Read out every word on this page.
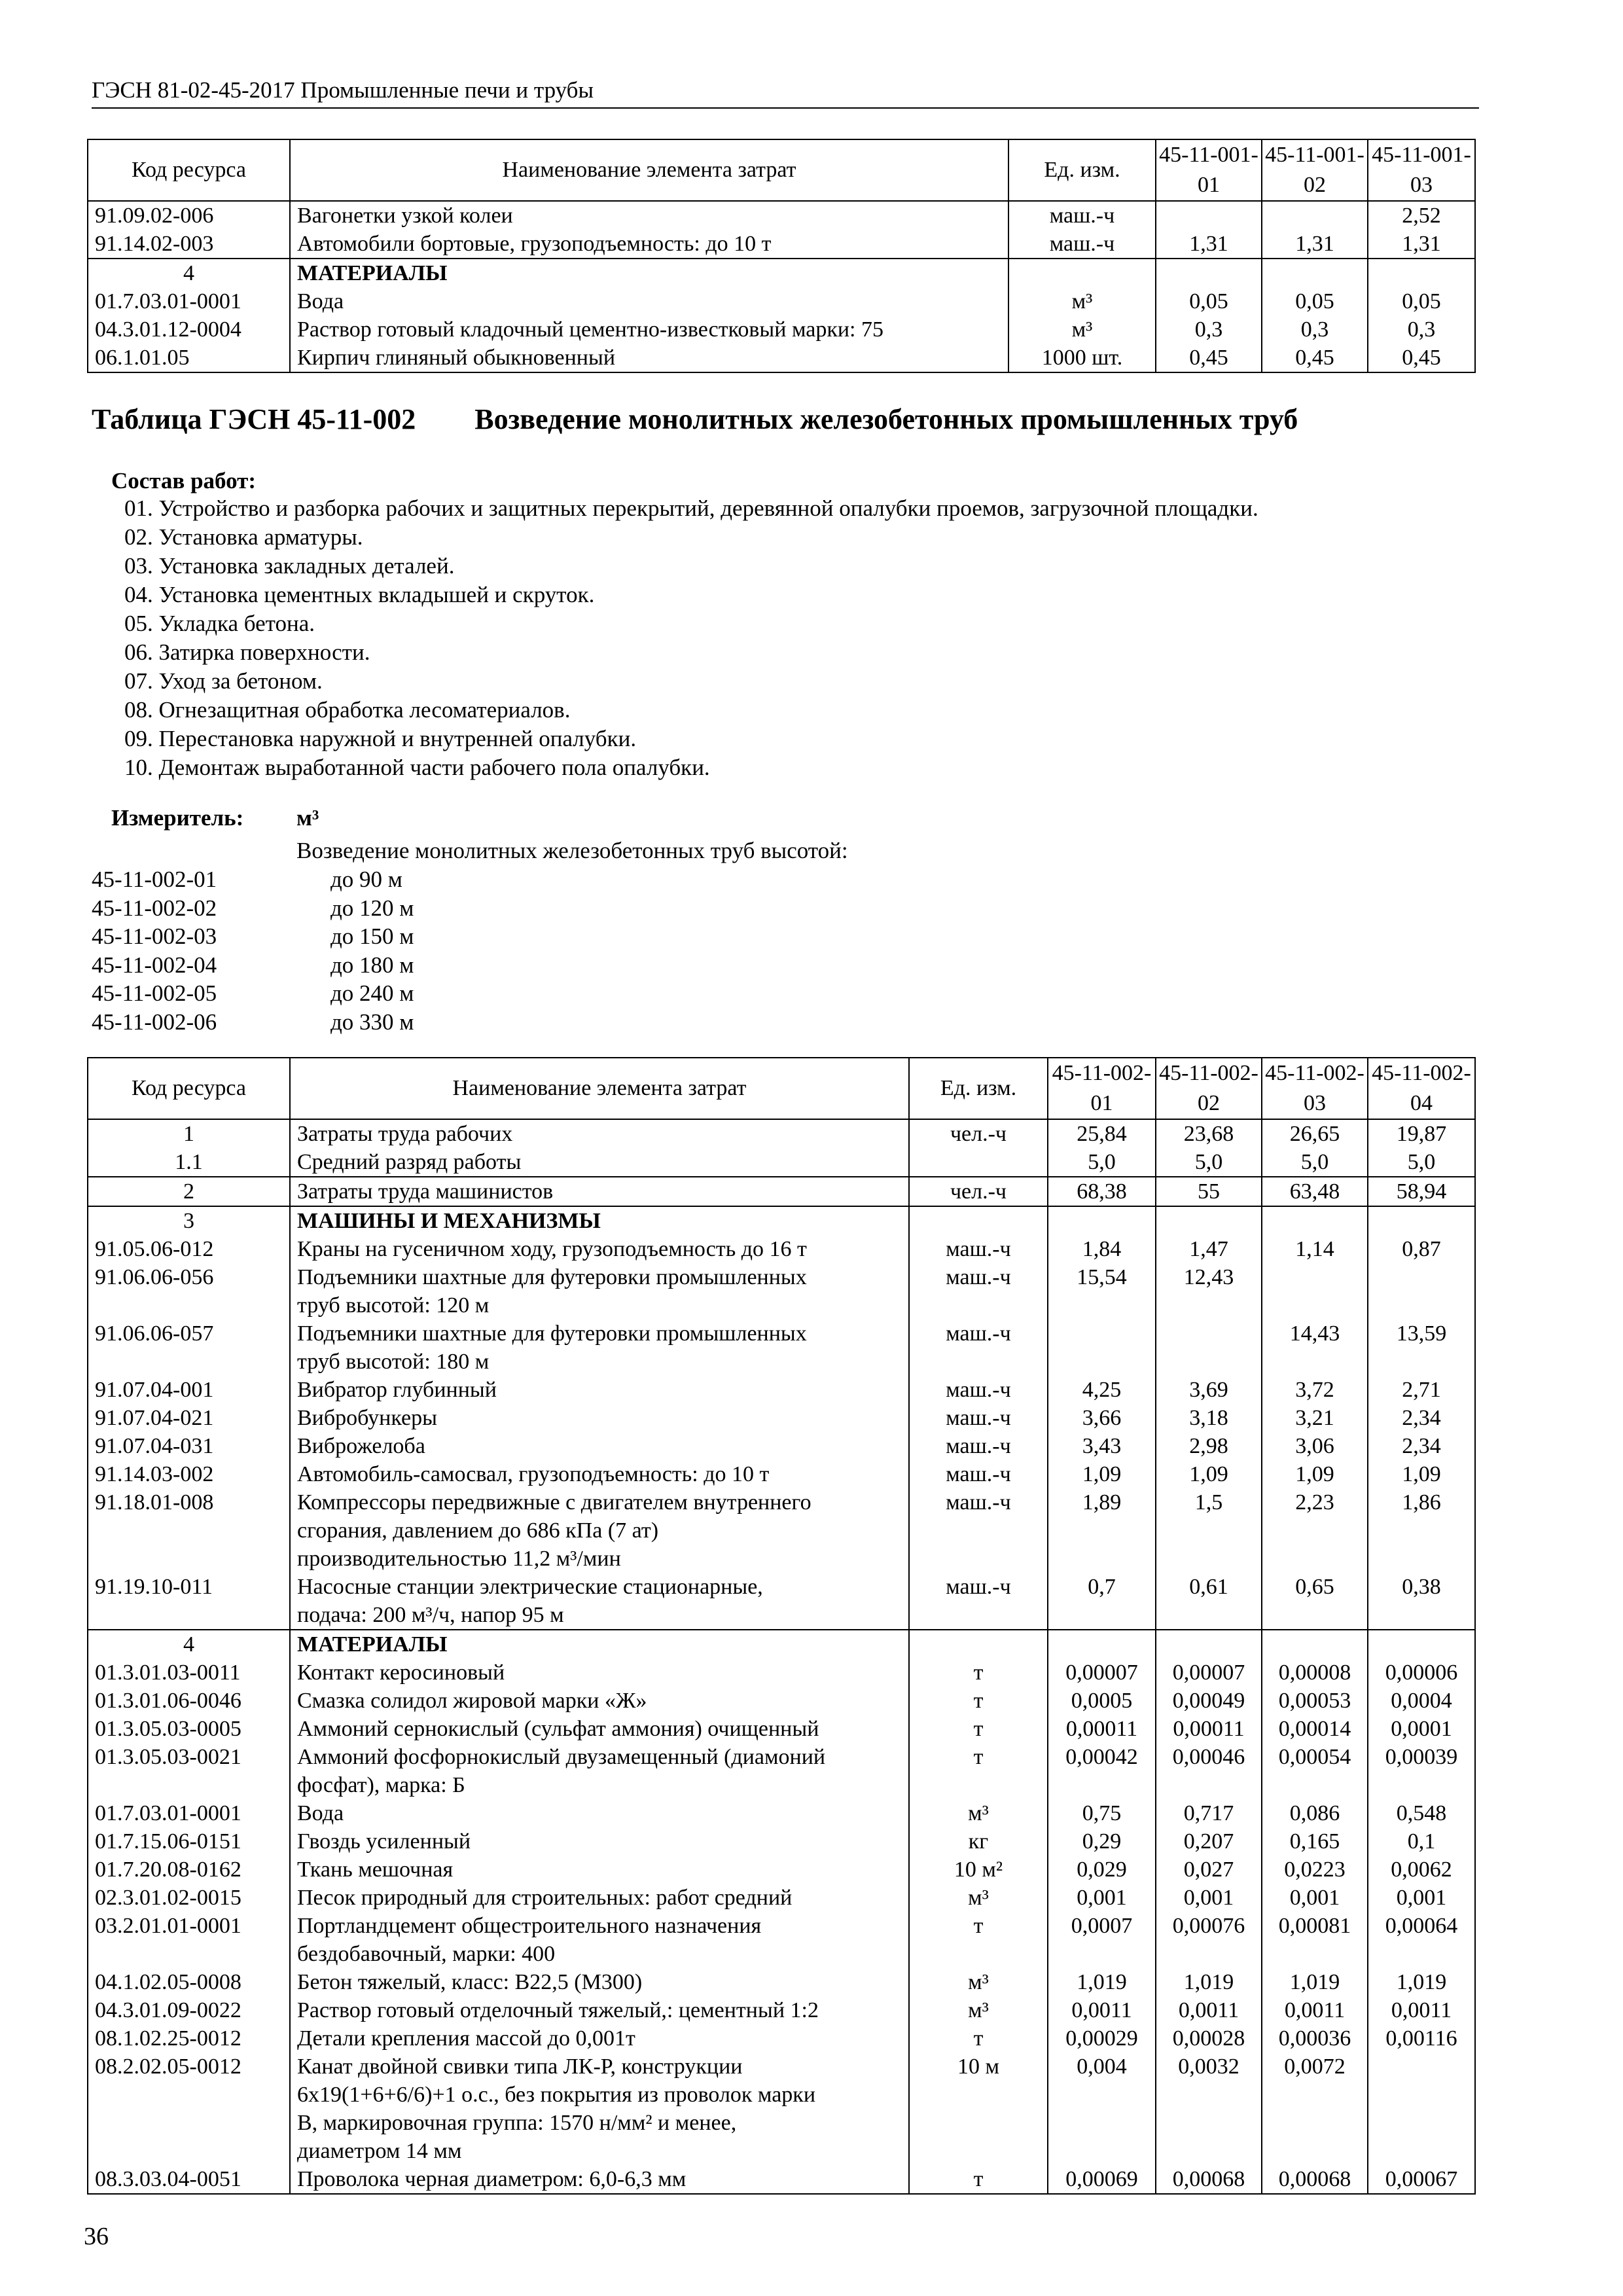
ГЭСН 81-02-45-2017 Промышленные печи и трубы
Код ресурса	Наименование элемента затрат	Ед. изм.	45-11-001-01	45-11-001-02	45-11-001-03
91.09.02-006	Вагонетки узкой колеи	маш.-ч			2,52
91.14.02-003	Автомобили бортовые, грузоподъемность: до 10 т	маш.-ч	1,31	1,31	1,31
4	МАТЕРИАЛЫ				

01.7.03.01-0001	Вода	м³	0,05	0,05	0,05
04.3.01.12-0004	Раствор готовый кладочный цементно-известковый марки: 75	м³	0,3	0,3	0,3
06.1.01.05	Кирпич глиняный обыкновенный	1000 шт.	0,45	0,45	0,45
Таблица ГЭСН 45-11-002 Возведение монолитных железобетонных промышленных труб
Состав работ:
01. Устройство и разборка рабочих и защитных перекрытий, деревянной опалубки проемов, загрузочной площадки.
02. Установка арматуры.
03. Установка закладных деталей.
04. Установка цементных вкладышей и скруток.
05. Укладка бетона.
06. Затирка поверхности.
07. Уход за бетоном.
08. Огнезащитная обработка лесоматериалов.
09. Перестановка наружной и внутренней опалубки.
10. Демонтаж выработанной части рабочего пола опалубки.
Измеритель: м³
Возведение монолитных железобетонных труб высотой:
45-11-002-01	до 90 м
45-11-002-02	до 120 м
45-11-002-03	до 150 м
45-11-002-04	до 180 м
45-11-002-05	до 240 м
45-11-002-06	до 330 м
Код ресурса	Наименование элемента затрат	Ед. изм.	45-11-002-01	45-11-002-02	45-11-002-03	45-11-002-04
1	Затраты труда рабочих	чел.-ч	25,84	23,68	26,65	19,87
1.1	Средний разряд работы		5,0	5,0	5,0	5,0
2	Затраты труда машинистов	чел.-ч	68,38	55	63,48	58,94
3	МАШИНЫ И МЕХАНИЗМЫ					

91.05.06-012	Краны на гусеничном ходу, грузоподъемность до 16 т	маш.-ч	1,84	1,47	1,14	0,87
91.06.06-056	Подъемники шахтные для футеровки промышленных
труб высотой: 120 м	маш.-ч	15,54	12,43		
91.06.06-057	Подъемники шахтные для футеровки промышленных
труб высотой: 180 м	маш.-ч			14,43	13,59
91.07.04-001	Вибратор глубинный	маш.-ч	4,25	3,69	3,72	2,71
91.07.04-021	Вибробункеры	маш.-ч	3,66	3,18	3,21	2,34
91.07.04-031	Виброжелоба	маш.-ч	3,43	2,98	3,06	2,34
91.14.03-002	Автомобиль-самосвал, грузоподъемность: до 10 т	маш.-ч	1,09	1,09	1,09	1,09
91.18.01-008	Компрессоры передвижные с двигателем внутреннего
сгорания, давлением до 686 кПа (7 ат)
производительностью 11,2 м³/мин	маш.-ч	1,89	1,5	2,23	1,86
91.19.10-011	Насосные станции электрические стационарные,
подача: 200 м³/ч, напор 95 м	маш.-ч	0,7	0,61	0,65	0,38
4	МАТЕРИАЛЫ					

01.3.01.03-0011	Контакт керосиновый	т	0,00007	0,00007	0,00008	0,00006
01.3.01.06-0046	Смазка солидол жировой марки «Ж»	т	0,0005	0,00049	0,00053	0,0004
01.3.05.03-0005	Аммоний сернокислый (сульфат аммония) очищенный	т	0,00011	0,00011	0,00014	0,0001
01.3.05.03-0021	Аммоний фосфорнокислый двузамещенный (диамоний
фосфат), марка: Б	т	0,00042	0,00046	0,00054	0,00039
01.7.03.01-0001	Вода	м³	0,75	0,717	0,086	0,548
01.7.15.06-0151	Гвоздь усиленный	кг	0,29	0,207	0,165	0,1
01.7.20.08-0162	Ткань мешочная	10 м²	0,029	0,027	0,0223	0,0062
02.3.01.02-0015	Песок природный для строительных: работ средний	м³	0,001	0,001	0,001	0,001
03.2.01.01-0001	Портландцемент общестроительного назначения
бездобавочный, марки: 400	т	0,0007	0,00076	0,00081	0,00064
04.1.02.05-0008	Бетон тяжелый, класс: В22,5 (М300)	м³	1,019	1,019	1,019	1,019
04.3.01.09-0022	Раствор готовый отделочный тяжелый,: цементный 1:2	м³	0,0011	0,0011	0,0011	0,0011
08.1.02.25-0012	Детали крепления массой до 0,001т	т	0,00029	0,00028	0,00036	0,00116
08.2.02.05-0012	Канат двойной свивки типа ЛК-Р, конструкции
6х19(1+6+6/6)+1 о.с., без покрытия из проволок марки
В, маркировочная группа: 1570 н/мм² и менее,
диаметром 14 мм	10 м	0,004	0,0032	0,0072	
08.3.03.04-0051	Проволока черная диаметром: 6,0-6,3 мм	т	0,00069	0,00068	0,00068	0,00067
36
